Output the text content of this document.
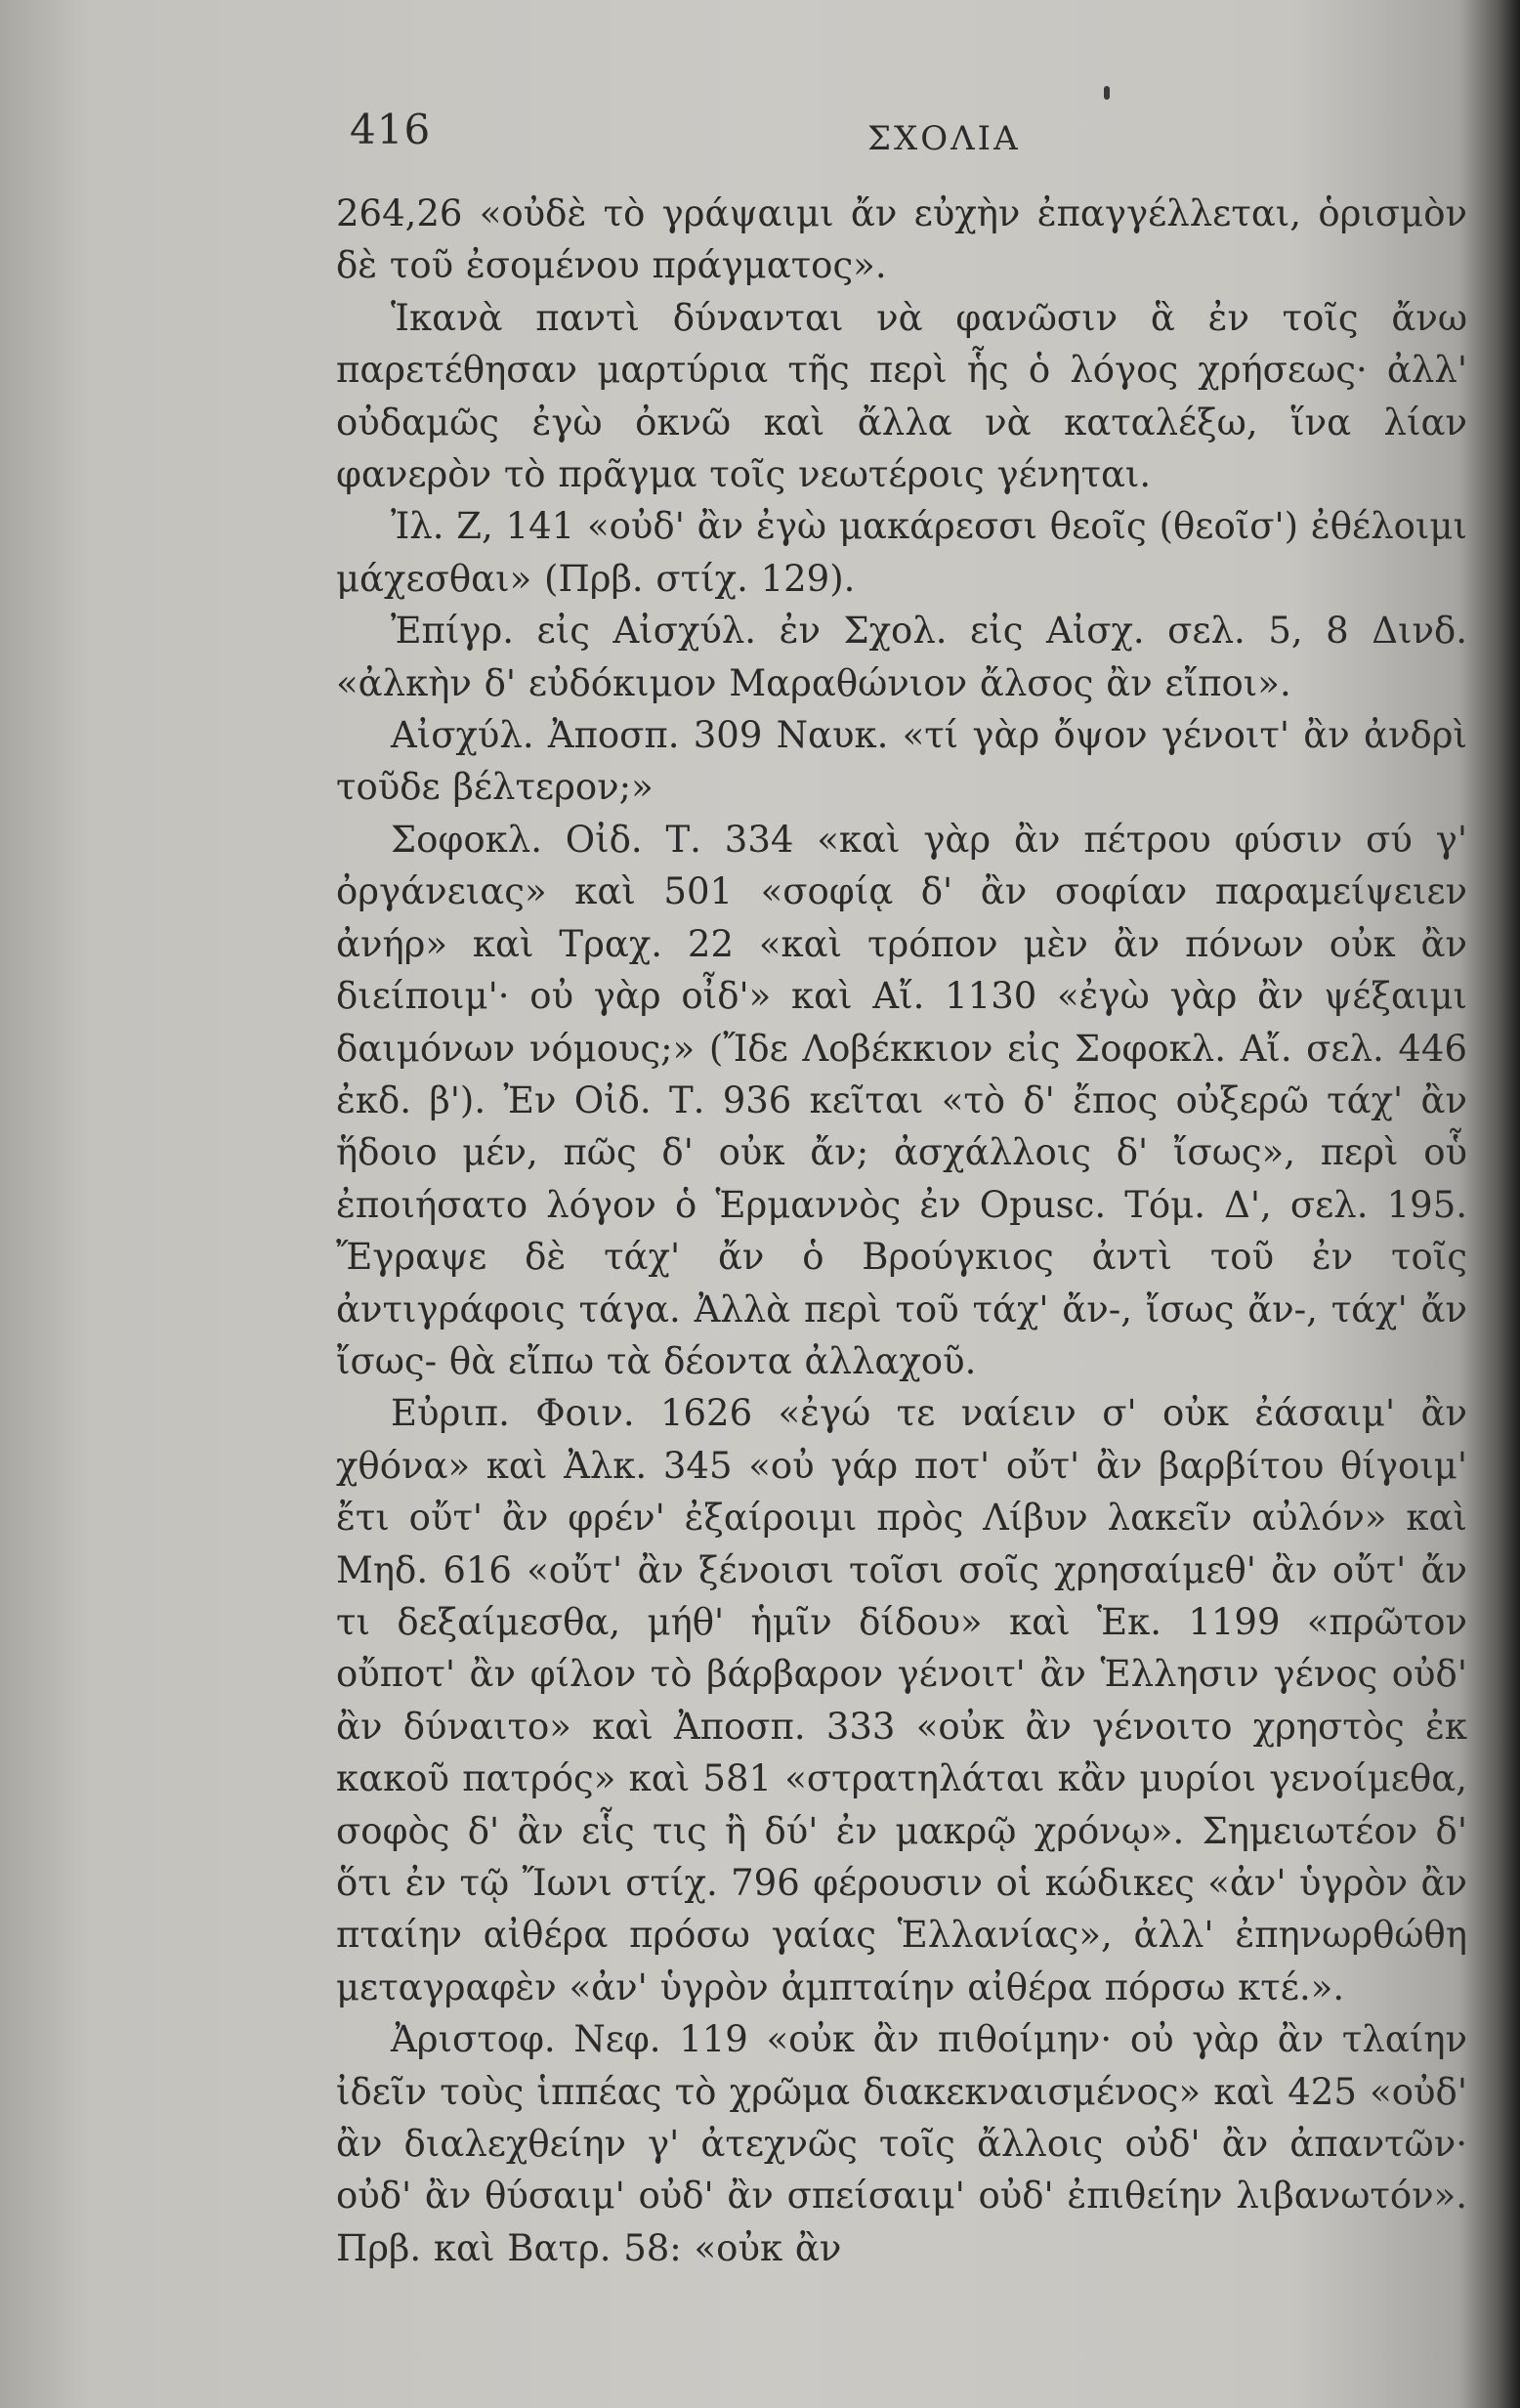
416	ΣΧΟΛΙΑ

264,26 «οὐδὲ τὸ γράψαιμι ἄν εὐχὴν ἐπαγγέλλεται, ὁρισμὸν δὲ τοῦ ἐσομένου πράγματος».

Ἱκανὰ παντὶ δύνανται νὰ φανῶσιν ἃ ἐν τοῖς ἄνω παρετέθησαν μαρτύρια τῆς περὶ ἧς ὁ λόγος χρήσεως· ἀλλ' οὐδαμῶς ἐγὼ ὀκνῶ καὶ ἄλλα νὰ καταλέξω, ἵνα λίαν φανερὸν τὸ πρᾶγμα τοῖς νεωτέροις γένηται.

Ἰλ. Ζ, 141 «οὐδ' ἂν ἐγὼ μακάρεσσι θεοῖς (θεοῖσ') ἐθέλοιμι μάχεσθαι» (Πρβ. στίχ. 129).

Ἐπίγρ. εἰς Αἰσχύλ. ἐν Σχολ. εἰς Αἰσχ. σελ. 5, 8 Δινδ. «ἀλκὴν δ' εὐδόκιμον Μαραθώνιον ἄλσος ἂν εἴποι».

Αἰσχύλ. Ἀποσπ. 309 Ναυκ. «τί γὰρ ὄψον γένοιτ' ἂν ἀνδρὶ τοῦδε βέλτερον;»

Σοφοκλ. Οἰδ. Τ. 334 «καὶ γὰρ ἂν πέτρου φύσιν σύ γ' ὀργάνειας» καὶ 501 «σοφίᾳ δ' ἂν σοφίαν παραμείψειεν ἀνήρ» καὶ Τραχ. 22 «καὶ τρόπον μὲν ἂν πόνων οὐκ ἂν διείποιμ'· οὐ γὰρ οἶδ'» καὶ Αἴ. 1130 «ἐγὼ γὰρ ἂν ψέξαιμι δαιμόνων νόμους;» (Ἴδε Λοβέκκιον εἰς Σοφοκλ. Αἴ. σελ. 446 ἐκδ. β'). Ἐν Οἰδ. Τ. 936 κεῖται «τὸ δ' ἔπος οὐξερῶ τάχ' ἂν ἥδοιο μέν, πῶς δ' οὐκ ἄν; ἀσχάλλοις δ' ἴσως», περὶ οὗ ἐποιήσατο λόγον ὁ Ἑρμαννὸς ἐν Opusc. Τόμ. Δ', σελ. 195. Ἔγραψε δὲ τάχ' ἄν ὁ Βρούγκιος ἀντὶ τοῦ ἐν τοῖς ἀντιγράφοις τάγα. Ἀλλὰ περὶ τοῦ τάχ' ἄν-, ἴσως ἄν-, τάχ' ἄν ἴσως- θὰ εἴπω τὰ δέοντα ἀλλαχοῦ.

Εὐριπ. Φοιν. 1626 «ἐγώ τε ναίειν σ' οὐκ ἐάσαιμ' ἂν χθόνα» καὶ Ἀλκ. 345 «οὐ γάρ ποτ' οὔτ' ἂν βαρβίτου θίγοιμ' ἔτι οὔτ' ἂν φρέν' ἐξαίροιμι πρὸς Λίβυν λακεῖν αὐλόν» καὶ Μηδ. 616 «οὔτ' ἂν ξένοισι τοῖσι σοῖς χρησαίμεθ' ἂν οὔτ' ἄν τι δεξαίμεσθα, μήθ' ἡμῖν δίδου» καὶ Ἑκ. 1199 «πρῶτον οὔποτ' ἂν φίλον τὸ βάρβαρον γένοιτ' ἂν Ἑλλησιν γένος οὐδ' ἂν δύναιτο» καὶ Ἀποσπ. 333 «οὐκ ἂν γένοιτο χρηστὸς ἐκ κακοῦ πατρός» καὶ 581 «στρατηλάται κἂν μυρίοι γενοίμεθα, σοφὸς δ' ἂν εἷς τις ἢ δύ' ἐν μακρῷ χρόνῳ». Σημειωτέον δ' ὅτι ἐν τῷ Ἴωνι στίχ. 796 φέρουσιν οἱ κώδικες «ἀν' ὑγρὸν ἂν πταίην αἰθέρα πρόσω γαίας Ἑλλανίας», ἀλλ' ἐπηνωρθώθη μεταγραφὲν «ἀν' ὑγρὸν ἀμπταίην αἰθέρα πόρσω κτέ.».

Ἀριστοφ. Νεφ. 119 «οὐκ ἂν πιθοίμην· οὐ γὰρ ἂν τλαίην ἰδεῖν τοὺς ἱππέας τὸ χρῶμα διακεκναισμένος» καὶ 425 «οὐδ' ἂν διαλεχθείην γ' ἀτεχνῶς τοῖς ἄλλοις οὐδ' ἂν ἀπαντῶν· οὐδ' ἂν θύσαιμ' οὐδ' ἂν σπείσαιμ' οὐδ' ἐπιθείην λιβανωτόν». Πρβ. καὶ Βατρ. 58: «οὐκ ἂν
